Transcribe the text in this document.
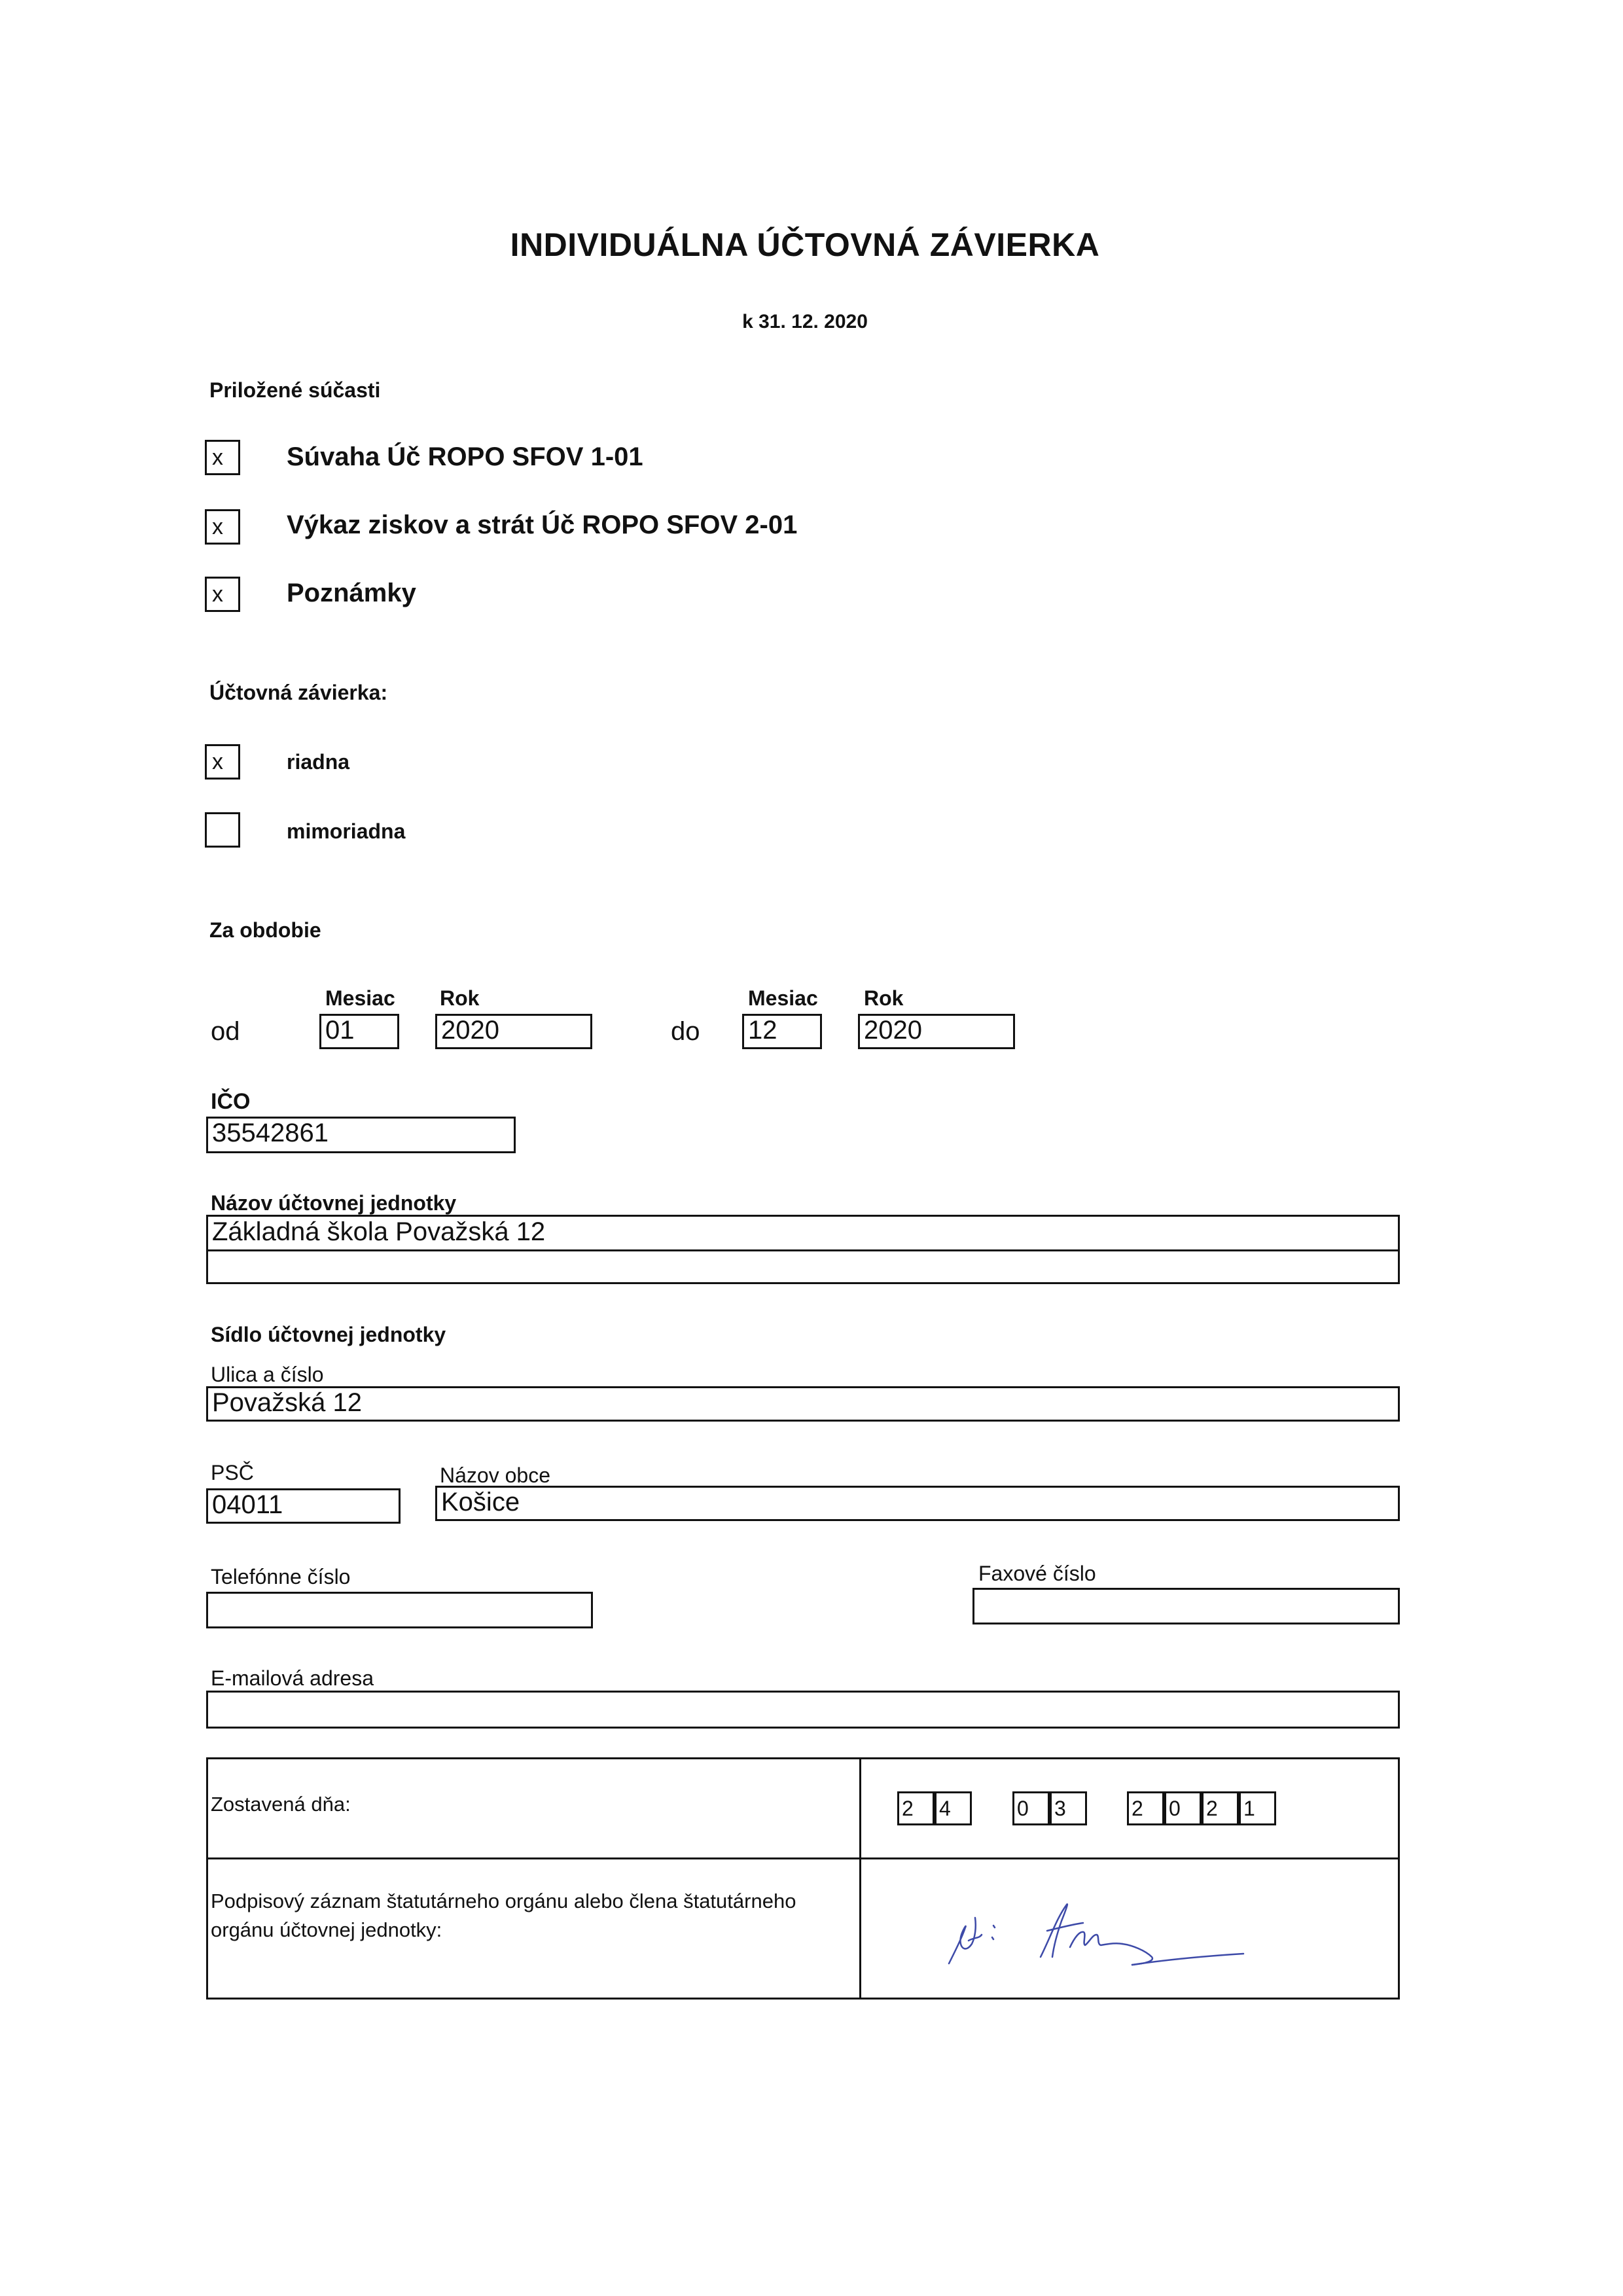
INDIVIDUÁLNA ÚČTOVNÁ ZÁVIERKA
k 31. 12. 2020
Priložené súčasti
x	Súvaha Úč ROPO SFOV 1-01
x	Výkaz ziskov a strát Úč ROPO SFOV 2-01
x	Poznámky
Účtovná závierka:
x	riadna
mimoriadna
Za obdobie
Mesiac Rok	Mesiac Rok
od	01	2020	do 12	2020
IČO
35542861
Názov účtovnej jednotky
Základná škola Považská 12
Sídlo účtovnej jednotky
Ulica a číslo
Považská 12
PSČ	Názov obce
04011	Košice
Telefónne číslo	Faxové číslo
E-mailová adresa
Zostavená dňa:	2	4	0	3	2	0	2	1
Podpisový záznam štatutárneho orgánu alebo člena štatutárneho orgánu účtovnej jednotky:
